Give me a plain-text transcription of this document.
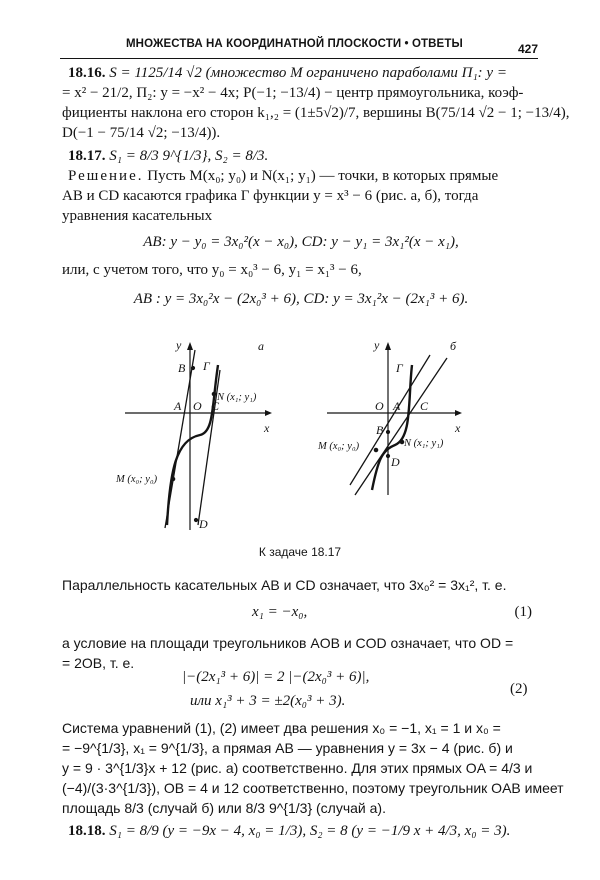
МНОЖЕСТВА НА КООРДИНАТНОЙ ПЛОСКОСТИ • ОТВЕТЫ	427
18.16. S = 1125/14 √2 (множество M ограничено параболами П₁: y =
= x² − 21/2, П₂: y = −x² − 4x; P(−1; −13/4) − центр прямоугольника, коэф-
фициенты наклона его сторон k₁,₂ = (1±5√2)/7, вершины B(75/14 √2 − 1; −13/4),
D(−1 − 75/14 √2; −13/4)).
18.17. S₁ = 8/3 9^{1/3}, S₂ = 8/3.
Решение. Пусть M(x₀; y₀) и N(x₁; y₁) — точки, в которых прямые
AB и CD касаются графика Γ функции y = x³ − 6 (рис. а, б), тогда
уравнения касательных
AB: y − y₀ = 3x₀²(x − x₀), CD: y − y₁ = 3x₁²(x − x₁),
или, с учетом того, что y₀ = x₀³ − 6, y₁ = x₁³ − 6,
AB : y = 3x₀²x − (2x₀³ + 6), CD: y = 3x₁²x − (2x₁³ + 6).
а
y
x
B Γ
N (x₁; y₁)
A O C
M (x₀; y₀)
D
б
y
x
Γ
O A C
B
M (x₀; y₀)	N (x₁; y₁)
D
К задаче 18.17
Параллельность касательных AB и CD означает, что 3x₀² = 3x₁², т. е.
x₁ = −x₀,	(1)
а условие на площади треугольников AOB и COD означает, что OD =
= 2OB, т. е.
|−(2x₁³ + 6)| = 2 |−(2x₀³ + 6)|,
или x₁³ + 3 = ±2(x₀³ + 3).
(2)
Система уравнений (1), (2) имеет два решения x₀ = −1, x₁ = 1 и x₀ =
= −9^{1/3}, x₁ = 9^{1/3}, а прямая AB — уравнения y = 3x − 4 (рис. б) и
y = 9 · 3^{1/3}x + 12 (рис. а) соответственно. Для этих прямых OA = 4/3 и
(−4)/(3·3^{1/3}), OB = 4 и 12 соответственно, поэтому треугольник OAB имеет
площадь 8/3 (случай б) или 8/3 9^{1/3} (случай а).
18.18. S₁ = 8/9 (y = −9x − 4, x₀ = 1/3), S₂ = 8 (y = −1/9 x + 4/3, x₀ = 3).
